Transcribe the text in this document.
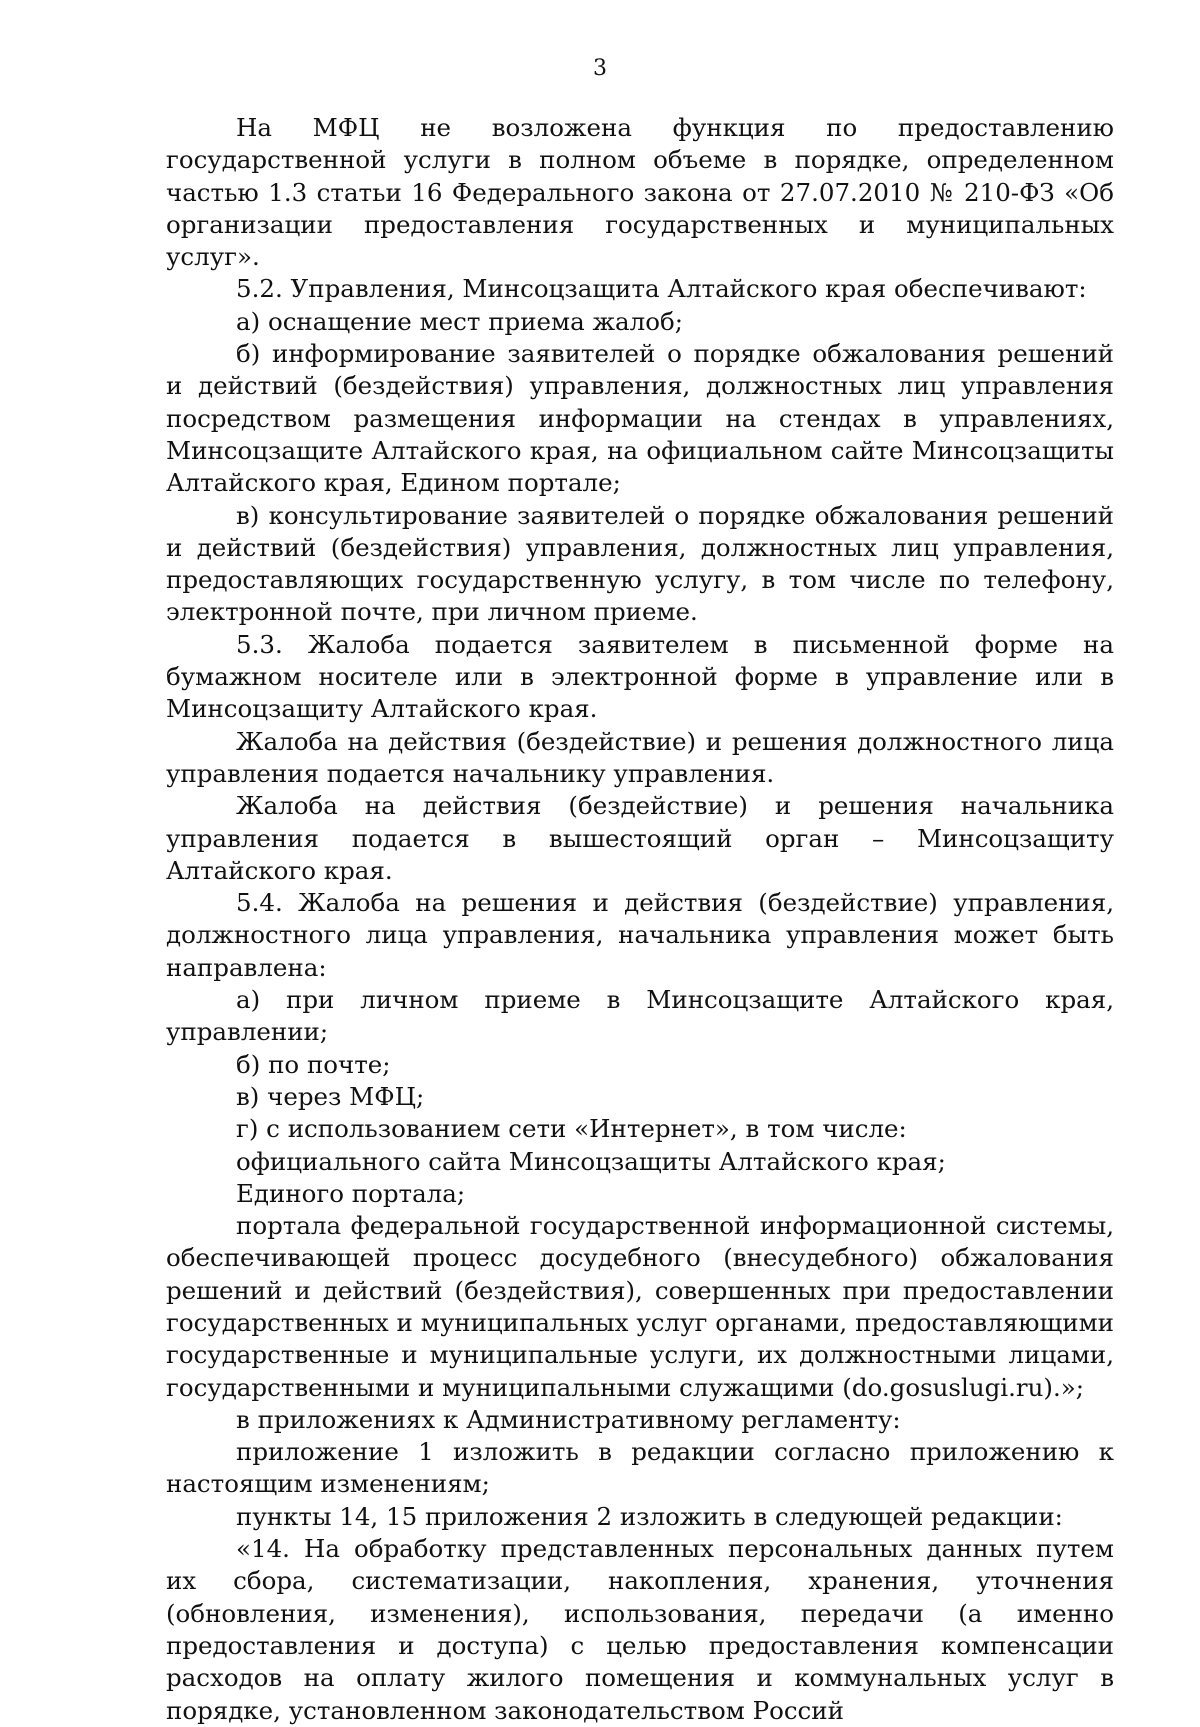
3

На МФЦ не возложена функция по предоставлению государственной услуги в полном объеме в порядке, определенном частью 1.3 статьи 16 Федерального закона от 27.07.2010 № 210-ФЗ «Об организации предоставления государственных и муниципальных услуг».

5.2. Управления, Минсоцзащита Алтайского края обеспечивают:

а) оснащение мест приема жалоб;

б) информирование заявителей о порядке обжалования решений и действий (бездействия) управления, должностных лиц управления посредством размещения информации на стендах в управлениях, Минсоцзащите Алтайского края, на официальном сайте Минсоцзащиты Алтайского края, Едином портале;

в) консультирование заявителей о порядке обжалования решений и действий (бездействия) управления, должностных лиц управления, предоставляющих государственную услугу, в том числе по телефону, электронной почте, при личном приеме.

5.3. Жалоба подается заявителем в письменной форме на бумажном носителе или в электронной форме в управление или в Минсоцзащиту Алтайского края.

Жалоба на действия (бездействие) и решения должностного лица управления подается начальнику управления.

Жалоба на действия (бездействие) и решения начальника управления подается в вышестоящий орган – Минсоцзащиту Алтайского края.

5.4. Жалоба на решения и действия (бездействие) управления, должностного лица управления, начальника управления может быть направлена:

а) при личном приеме в Минсоцзащите Алтайского края, управлении;

б) по почте;

в) через МФЦ;

г) с использованием сети «Интернет», в том числе:

официального сайта Минсоцзащиты Алтайского края;

Единого портала;

портала федеральной государственной информационной системы, обеспечивающей процесс досудебного (внесудебного) обжалования решений и действий (бездействия), совершенных при предоставлении государственных и муниципальных услуг органами, предоставляющими государственные и муниципальные услуги, их должностными лицами, государственными и муниципальными служащими (do.gosuslugi.ru).»;

в приложениях к Административному регламенту:

приложение 1 изложить в редакции согласно приложению к настоящим изменениям;

пункты 14, 15 приложения 2 изложить в следующей редакции:

«14. На обработку представленных персональных данных путем их сбора, систематизации, накопления, хранения, уточнения (обновления, изменения), использования, передачи (а именно предоставления и доступа) с целью предоставления компенсации расходов на оплату жилого помещения и коммунальных услуг в порядке, установленном законодательством Россий
